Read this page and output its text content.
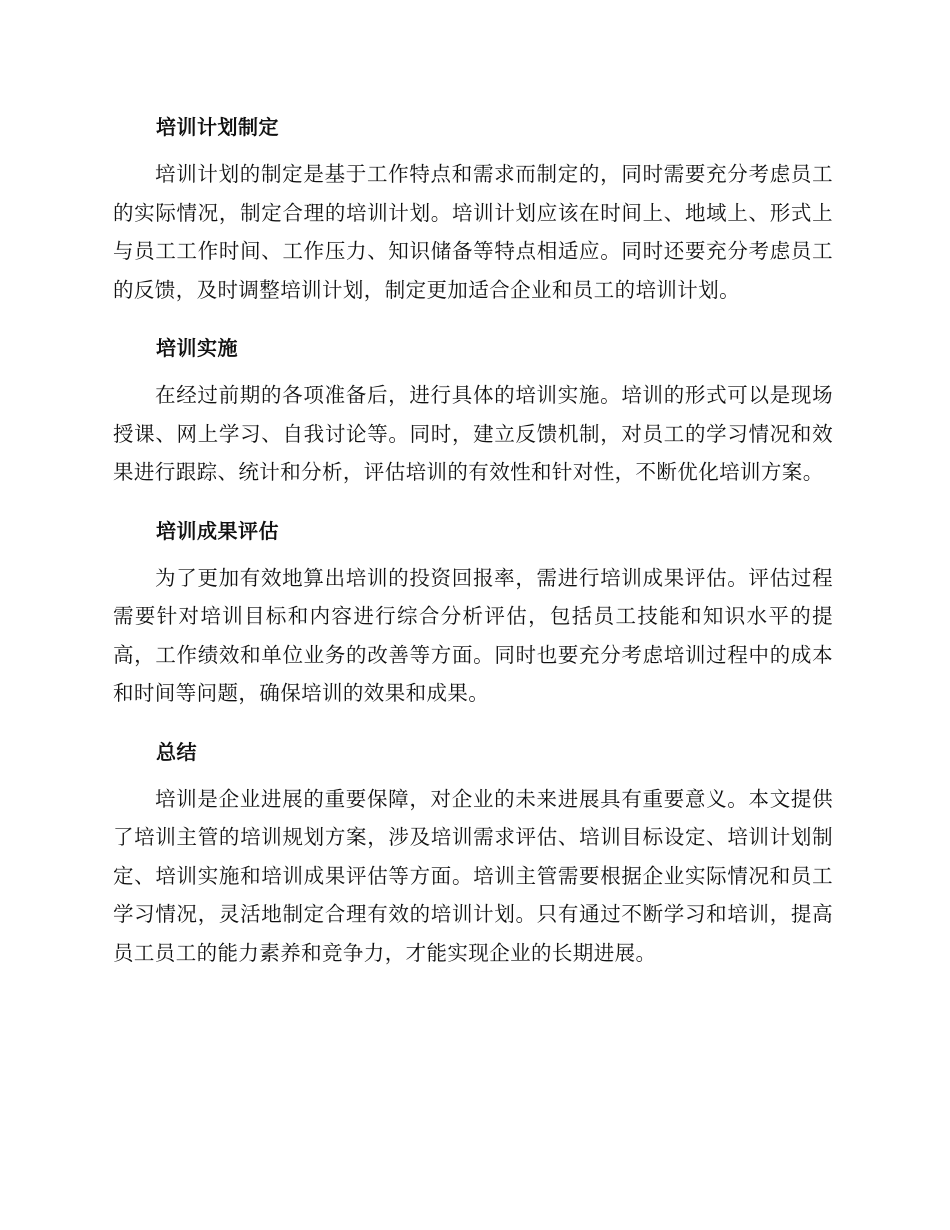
培训计划制定

培训计划的制定是基于工作特点和需求而制定的，同时需要充分考虑员工的实际情况，制定合理的培训计划。培训计划应该在时间上、地域上、形式上与员工工作时间、工作压力、知识储备等特点相适应。同时还要充分考虑员工的反馈，及时调整培训计划，制定更加适合企业和员工的培训计划。

培训实施

在经过前期的各项准备后，进行具体的培训实施。培训的形式可以是现场授课、网上学习、自我讨论等。同时，建立反馈机制，对员工的学习情况和效果进行跟踪、统计和分析，评估培训的有效性和针对性，不断优化培训方案。

培训成果评估

为了更加有效地算出培训的投资回报率，需进行培训成果评估。评估过程需要针对培训目标和内容进行综合分析评估，包括员工技能和知识水平的提高，工作绩效和单位业务的改善等方面。同时也要充分考虑培训过程中的成本和时间等问题，确保培训的效果和成果。

总结

培训是企业进展的重要保障，对企业的未来进展具有重要意义。本文提供了培训主管的培训规划方案，涉及培训需求评估、培训目标设定、培训计划制定、培训实施和培训成果评估等方面。培训主管需要根据企业实际情况和员工学习情况，灵活地制定合理有效的培训计划。只有通过不断学习和培训，提高员工员工的能力素养和竞争力，才能实现企业的长期进展。
